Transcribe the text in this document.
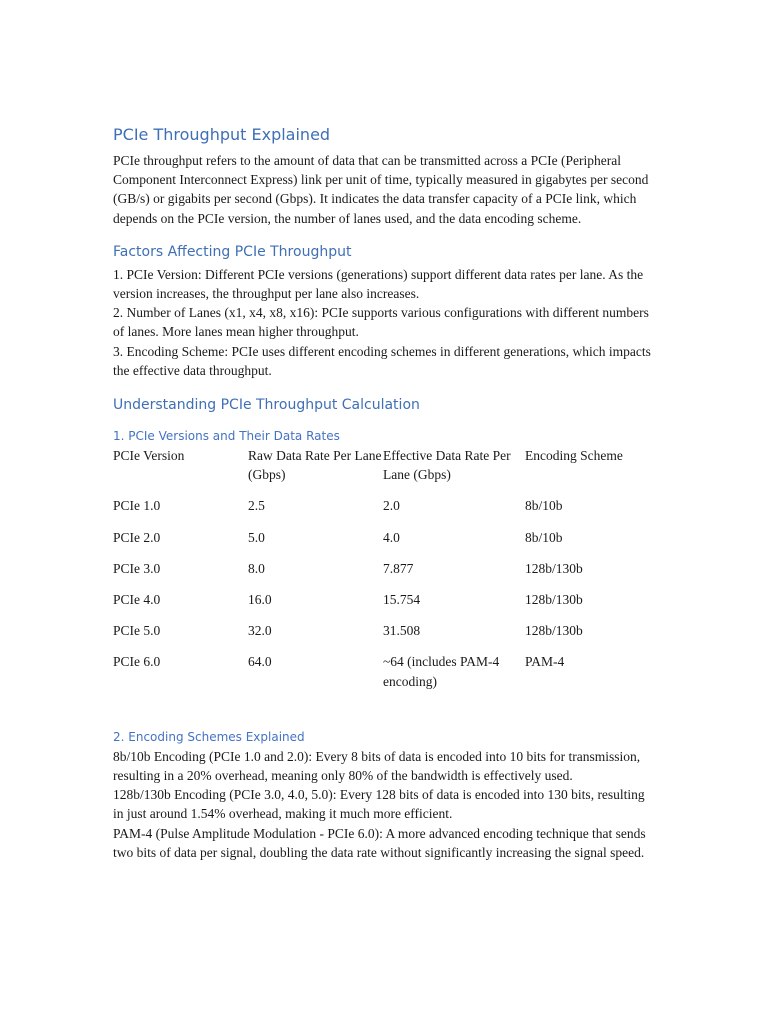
PCIe Throughput Explained

PCIe throughput refers to the amount of data that can be transmitted across a PCIe (Peripheral Component Interconnect Express) link per unit of time, typically measured in gigabytes per second (GB/s) or gigabits per second (Gbps). It indicates the data transfer capacity of a PCIe link, which depends on the PCIe version, the number of lanes used, and the data encoding scheme.

Factors Affecting PCIe Throughput

1. PCIe Version: Different PCIe versions (generations) support different data rates per lane. As the version increases, the throughput per lane also increases.

2. Number of Lanes (x1, x4, x8, x16): PCIe supports various configurations with different numbers of lanes. More lanes mean higher throughput.

3. Encoding Scheme: PCIe uses different encoding schemes in different generations, which impacts the effective data throughput.

Understanding PCIe Throughput Calculation
1. PCIe Versions and Their Data Rates
PCIe Version	Raw Data Rate Per Lane (Gbps)	Effective Data Rate Per Lane (Gbps)	Encoding Scheme
PCIe 1.0	2.5	2.0	8b/10b
PCIe 2.0	5.0	4.0	8b/10b
PCIe 3.0	8.0	7.877	128b/130b
PCIe 4.0	16.0	15.754	128b/130b
PCIe 5.0	32.0	31.508	128b/130b
PCIe 6.0	64.0	~64 (includes PAM-4 encoding)	PAM-4
2. Encoding Schemes Explained

8b/10b Encoding (PCIe 1.0 and 2.0): Every 8 bits of data is encoded into 10 bits for transmission, resulting in a 20% overhead, meaning only 80% of the bandwidth is effectively used.

128b/130b Encoding (PCIe 3.0, 4.0, 5.0): Every 128 bits of data is encoded into 130 bits, resulting in just around 1.54% overhead, making it much more efficient.

PAM-4 (Pulse Amplitude Modulation - PCIe 6.0): A more advanced encoding technique that sends two bits of data per signal, doubling the data rate without significantly increasing the signal speed.
